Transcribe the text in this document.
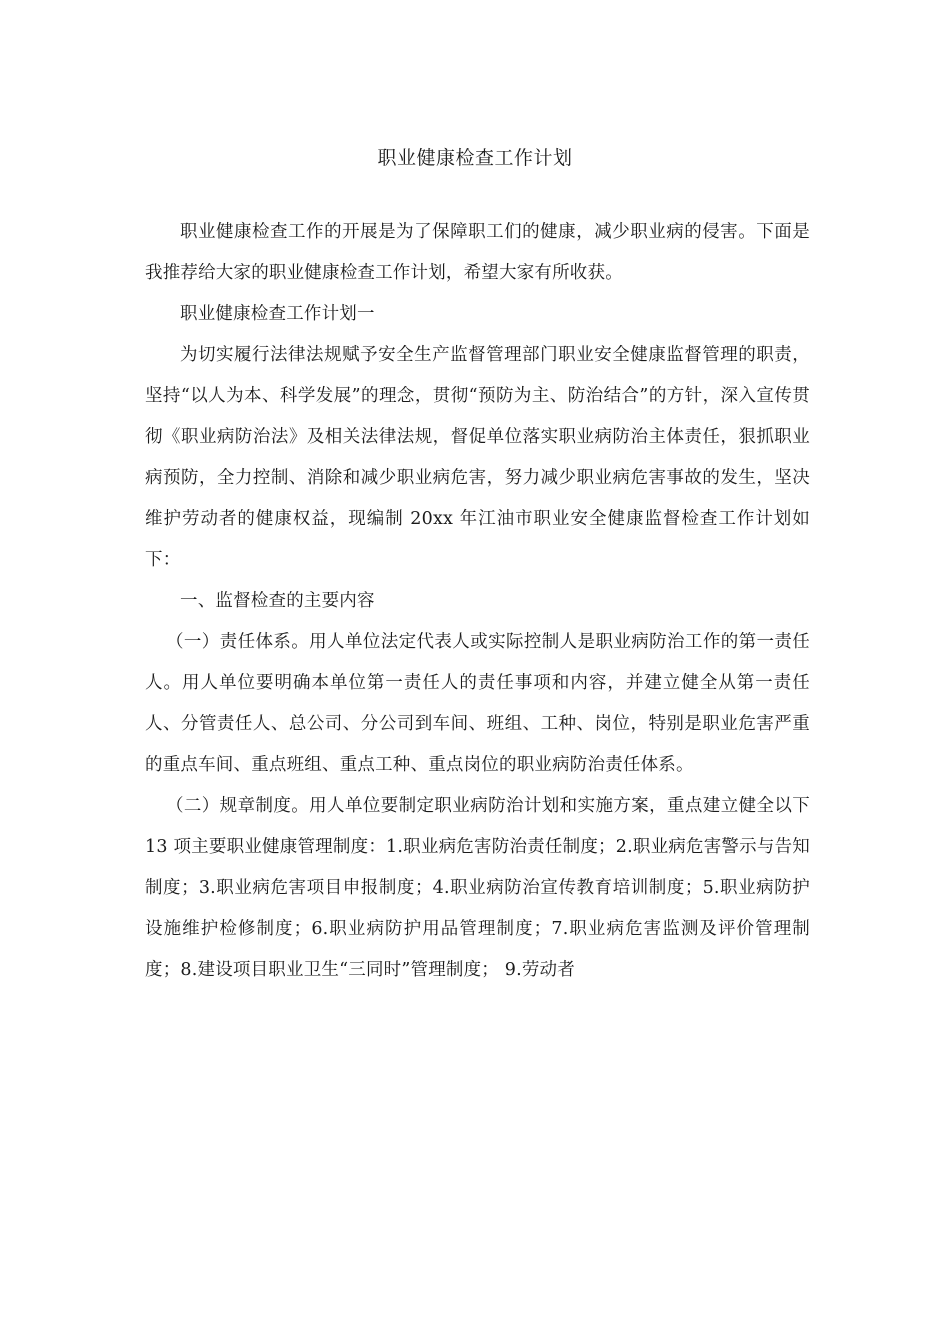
职业健康检查工作计划

职业健康检查工作的开展是为了保障职工们的健康，减少职业病的侵害。下面是我推荐给大家的职业健康检查工作计划，希望大家有所收获。

职业健康检查工作计划一

为切实履行法律法规赋予安全生产监督管理部门职业安全健康监督管理的职责，坚持“以人为本、科学发展”的理念，贯彻“预防为主、防治结合”的方针，深入宣传贯彻《职业病防治法》及相关法律法规，督促单位落实职业病防治主体责任，狠抓职业病预防，全力控制、消除和减少职业病危害，努力减少职业病危害事故的发生，坚决维护劳动者的健康权益，现编制 20xx 年江油市职业安全健康监督检查工作计划如下：

一、监督检查的主要内容

（一）责任体系。用人单位法定代表人或实际控制人是职业病防治工作的第一责任人。用人单位要明确本单位第一责任人的责任事项和内容，并建立健全从第一责任人、分管责任人、总公司、分公司到车间、班组、工种、岗位，特别是职业危害严重的重点车间、重点班组、重点工种、重点岗位的职业病防治责任体系。

（二）规章制度。用人单位要制定职业病防治计划和实施方案，重点建立健全以下 13 项主要职业健康管理制度：1.职业病危害防治责任制度；2.职业病危害警示与告知制度；3.职业病危害项目申报制度；4.职业病防治宣传教育培训制度；5.职业病防护设施维护检修制度；6.职业病防护用品管理制度；7.职业病危害监测及评价管理制度；8.建设项目职业卫生“三同时”管理制度； 9.劳动者
